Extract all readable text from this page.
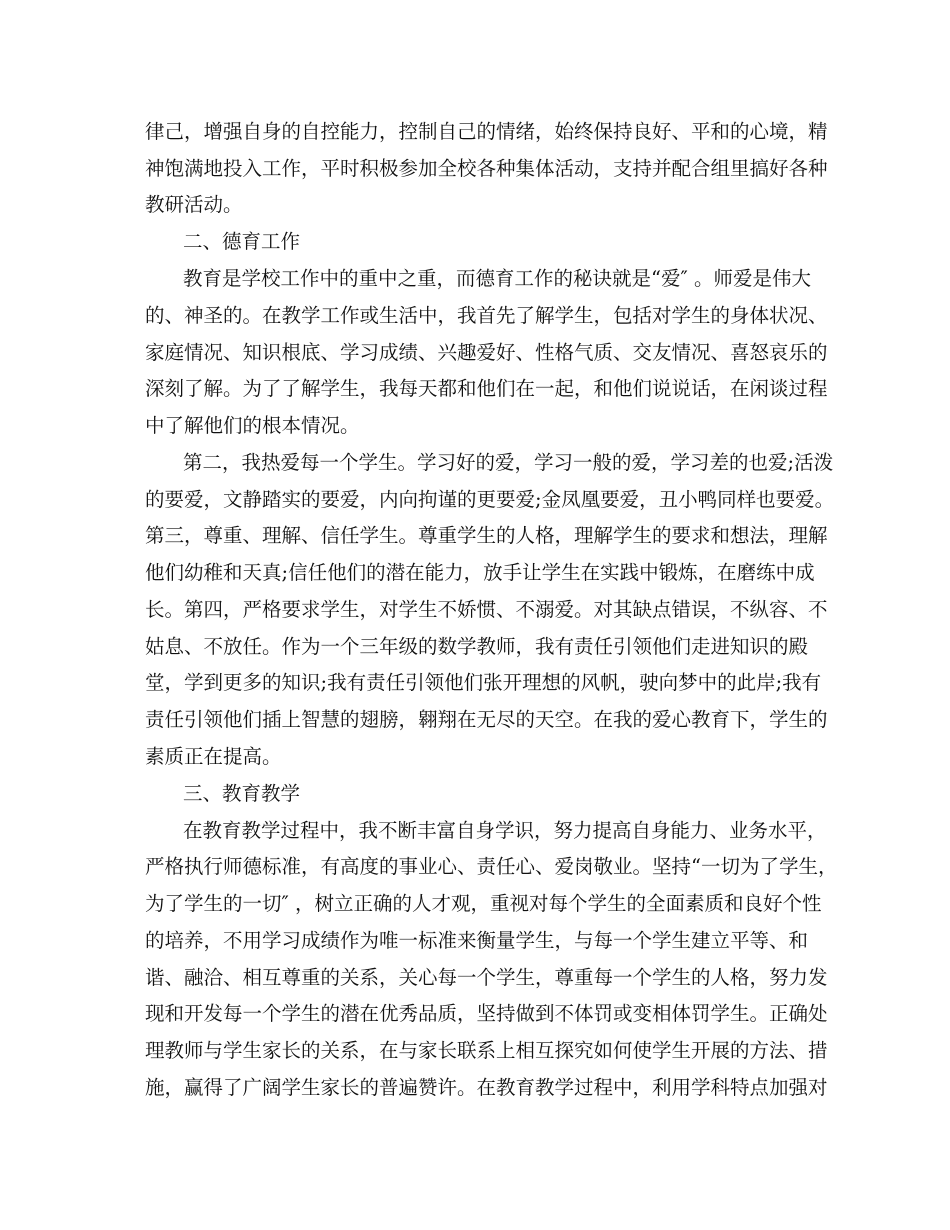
律己，增强自身的自控能力，控制自己的情绪，始终保持良好、平和的心境，精
神饱满地投入工作，平时积极参加全校各种集体活动，支持并配合组里搞好各种
教研活动。
二、德育工作
教育是学校工作中的重中之重，而德育工作的秘诀就是“爱″ 。师爱是伟大
的、神圣的。在教学工作或生活中，我首先了解学生，包括对学生的身体状况、
家庭情况、知识根底、学习成绩、兴趣爱好、性格气质、交友情况、喜怒哀乐的
深刻了解。为了了解学生，我每天都和他们在一起，和他们说说话，在闲谈过程
中了解他们的根本情况。
第二，我热爱每一个学生。学习好的爱，学习一般的爱，学习差的也爱;活泼
的要爱，文静踏实的要爱，内向拘谨的更要爱;金凤凰要爱，丑小鸭同样也要爱。
第三，尊重、理解、信任学生。尊重学生的人格，理解学生的要求和想法，理解
他们幼稚和天真;信任他们的潜在能力，放手让学生在实践中锻炼，在磨练中成
长。第四，严格要求学生，对学生不娇惯、不溺爱。对其缺点错误，不纵容、不
姑息、不放任。作为一个三年级的数学教师，我有责任引领他们走进知识的殿
堂，学到更多的知识;我有责任引领他们张开理想的风帆，驶向梦中的此岸;我有
责任引领他们插上智慧的翅膀，翱翔在无尽的天空。在我的爱心教育下，学生的
素质正在提高。
三、教育教学
在教育教学过程中，我不断丰富自身学识，努力提高自身能力、业务水平，
严格执行师德标准，有高度的事业心、责任心、爱岗敬业。坚持“一切为了学生，
为了学生的一切″ ，树立正确的人才观，重视对每个学生的全面素质和良好个性
的培养，不用学习成绩作为唯一标准来衡量学生，与每一个学生建立平等、和
谐、融洽、相互尊重的关系，关心每一个学生，尊重每一个学生的人格，努力发
现和开发每一个学生的潜在优秀品质，坚持做到不体罚或变相体罚学生。正确处
理教师与学生家长的关系，在与家长联系上相互探究如何使学生开展的方法、措
施，赢得了广阔学生家长的普遍赞许。在教育教学过程中，利用学科特点加强对
